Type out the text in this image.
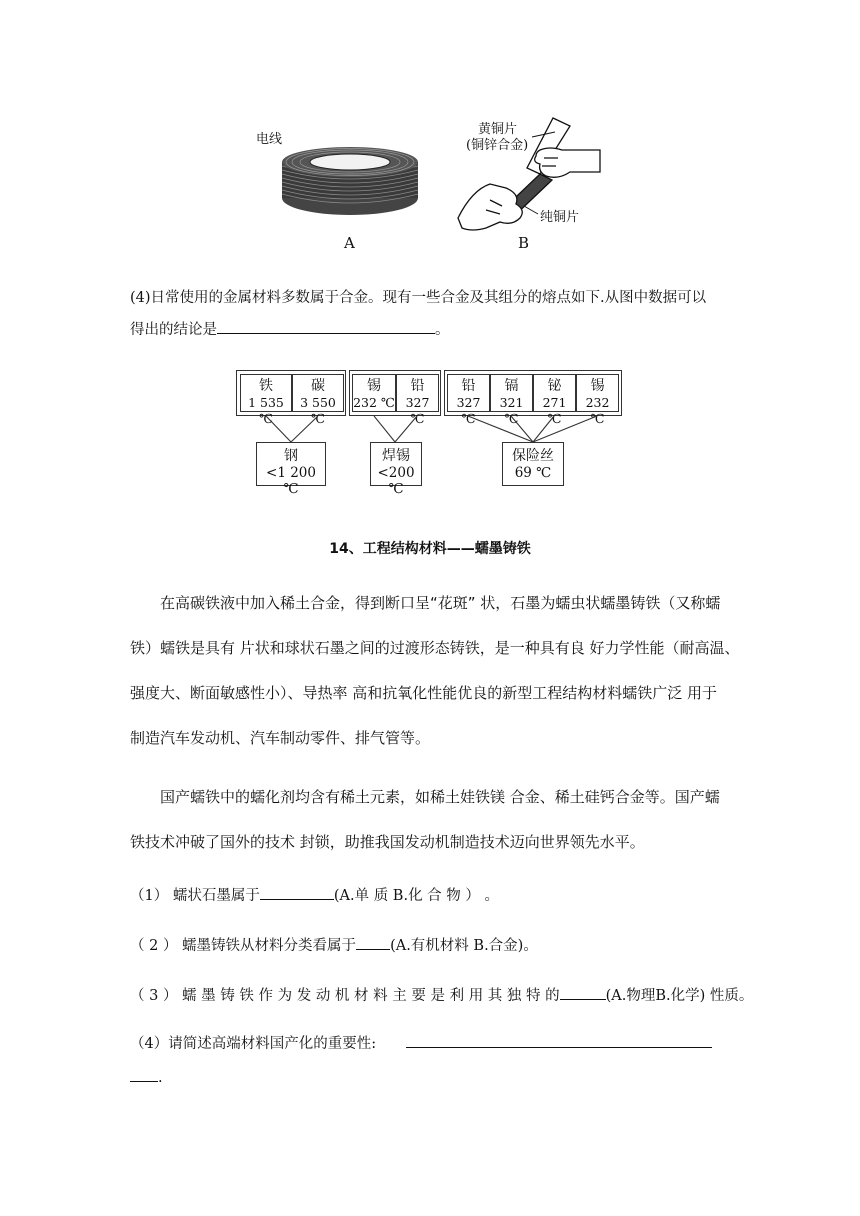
电线
黄铜片
(铜锌合金)
纯铜片
A	B
(4)日常使用的金属材料多数属于合金。现有一些合金及其组分的熔点如下.从图中数据可以
得出的结论是	。
铁
1 535 ℃
碳
3 550 ℃
锡
232 ℃
铅
327 ℃
铅
327 ℃
镉
321 ℃
铋
271 ℃
锡
232 ℃
钢
<1 200 ℃
焊锡
<200 ℃
保险丝
69 ℃
14、工程结构材料——蠕墨铸铁
在高碳铁液中加入稀土合金，得到断口呈“花斑” 状，石墨为蠕虫状蠕墨铸铁（又称蠕
铁）蠕铁是具有 片状和球状石墨之间的过渡形态铸铁，是一种具有良 好力学性能（耐高温、
强度大、断面敏感性小）、导热率 高和抗氧化性能优良的新型工程结构材料蠕铁广泛 用于
制造汽车发动机、汽车制动零件、排气管等。
国产蠕铁中的蠕化剂均含有稀土元素，如稀土娃铁镁 合金、稀土硅钙合金等。国产蠕
铁技术冲破了国外的技术 封锁，助推我国发动机制造技术迈向世界领先水平。
（1） 蠕状石墨属于	(A.单 质 B.化 合 物 ） 。
（ 2 ） 蠕墨铸铁从材料分类看属于 (A.有机材料 B.合金)。
（ 3 ） 蠕 墨 铸 铁 作 为 发 动 机 材 料 主 要 是 利 用 其 独 特 的	(A.物理B.化学) 性质。
（4）请简述高端材料国产化的重要性:
.
